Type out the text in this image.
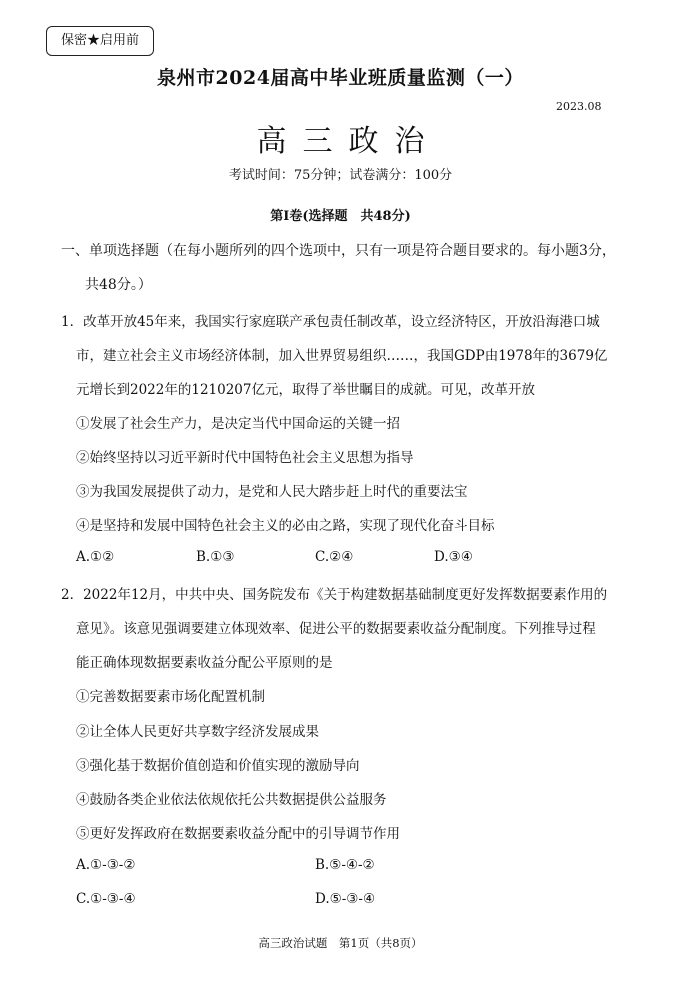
保密★启用前
泉州市2024届高中毕业班质量监测（一）
2023.08
高三政治
考试时间：75分钟；试卷满分：100分
第Ⅰ卷(选择题　共48分)
一、单项选择题（在每小题所列的四个选项中，只有一项是符合题目要求的。每小题3分，
共48分。）
1．改革开放45年来，我国实行家庭联产承包责任制改革，设立经济特区，开放沿海港口城
市，建立社会主义市场经济体制，加入世界贸易组织……，我国GDP由1978年的3679亿
元增长到2022年的1210207亿元，取得了举世瞩目的成就。可见，改革开放
①发展了社会生产力，是决定当代中国命运的关键一招
②始终坚持以习近平新时代中国特色社会主义思想为指导
③为我国发展提供了动力，是党和人民大踏步赶上时代的重要法宝
④是坚持和发展中国特色社会主义的必由之路，实现了现代化奋斗目标
A.①②	B.①③	C.②④	D.③④
2．2022年12月，中共中央、国务院发布《关于构建数据基础制度更好发挥数据要素作用的
意见》。该意见强调要建立体现效率、促进公平的数据要素收益分配制度。下列推导过程
能正确体现数据要素收益分配公平原则的是
①完善数据要素市场化配置机制
②让全体人民更好共享数字经济发展成果
③强化基于数据价值创造和价值实现的激励导向
④鼓励各类企业依法依规依托公共数据提供公益服务
⑤更好发挥政府在数据要素收益分配中的引导调节作用
A.①-③-②	B.⑤-④-②
C.①-③-④	D.⑤-③-④
高三政治试题　第1页（共8页）
